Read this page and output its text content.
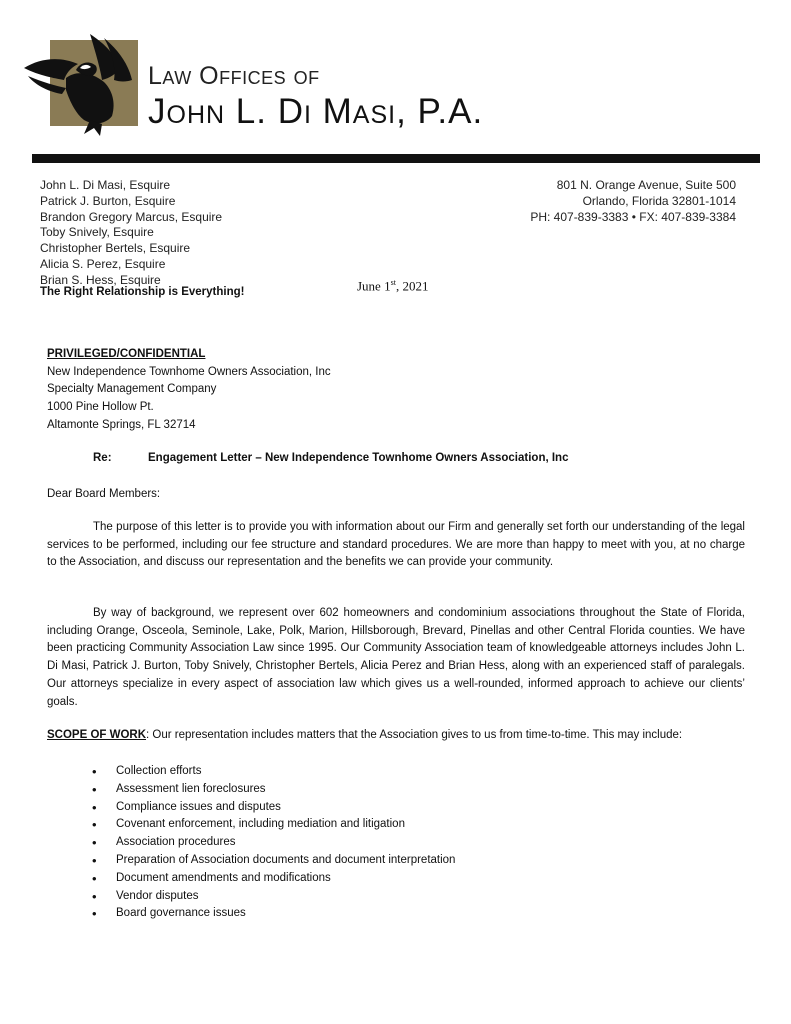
Law Offices of
John L. Di Masi, P.A.
John L. Di Masi, Esquire
Patrick J. Burton, Esquire
Brandon Gregory Marcus, Esquire
Toby Snively, Esquire
Christopher Bertels, Esquire
Alicia S. Perez, Esquire
Brian S. Hess, Esquire
The Right Relationship is Everything!
801 N. Orange Avenue, Suite 500
Orlando, Florida 32801-1014
PH: 407-839-3383 • FX: 407-839-3384
June 1st, 2021
PRIVILEGED/CONFIDENTIAL
New Independence Townhome Owners Association, Inc
Specialty Management Company
1000 Pine Hollow Pt.
Altamonte Springs, FL 32714
Re:	Engagement Letter – New Independence Townhome Owners Association, Inc
Dear Board Members:
The purpose of this letter is to provide you with information about our Firm and generally set forth our understanding of the legal services to be performed, including our fee structure and standard procedures. We are more than happy to meet with you, at no charge to the Association, and discuss our representation and the benefits we can provide your community.
By way of background, we represent over 602 homeowners and condominium associations throughout the State of Florida, including Orange, Osceola, Seminole, Lake, Polk, Marion, Hillsborough, Brevard, Pinellas and other Central Florida counties. We have been practicing Community Association Law since 1995. Our Community Association team of knowledgeable attorneys includes John L. Di Masi, Patrick J. Burton, Toby Snively, Christopher Bertels, Alicia Perez and Brian Hess, along with an experienced staff of paralegals. Our attorneys specialize in every aspect of association law which gives us a well-rounded, informed approach to achieve our clients’ goals.
SCOPE OF WORK: Our representation includes matters that the Association gives to us from time-to-time. This may include:
• Collection efforts
• Assessment lien foreclosures
• Compliance issues and disputes
• Covenant enforcement, including mediation and litigation
• Association procedures
• Preparation of Association documents and document interpretation
• Document amendments and modifications
• Vendor disputes
• Board governance issues
